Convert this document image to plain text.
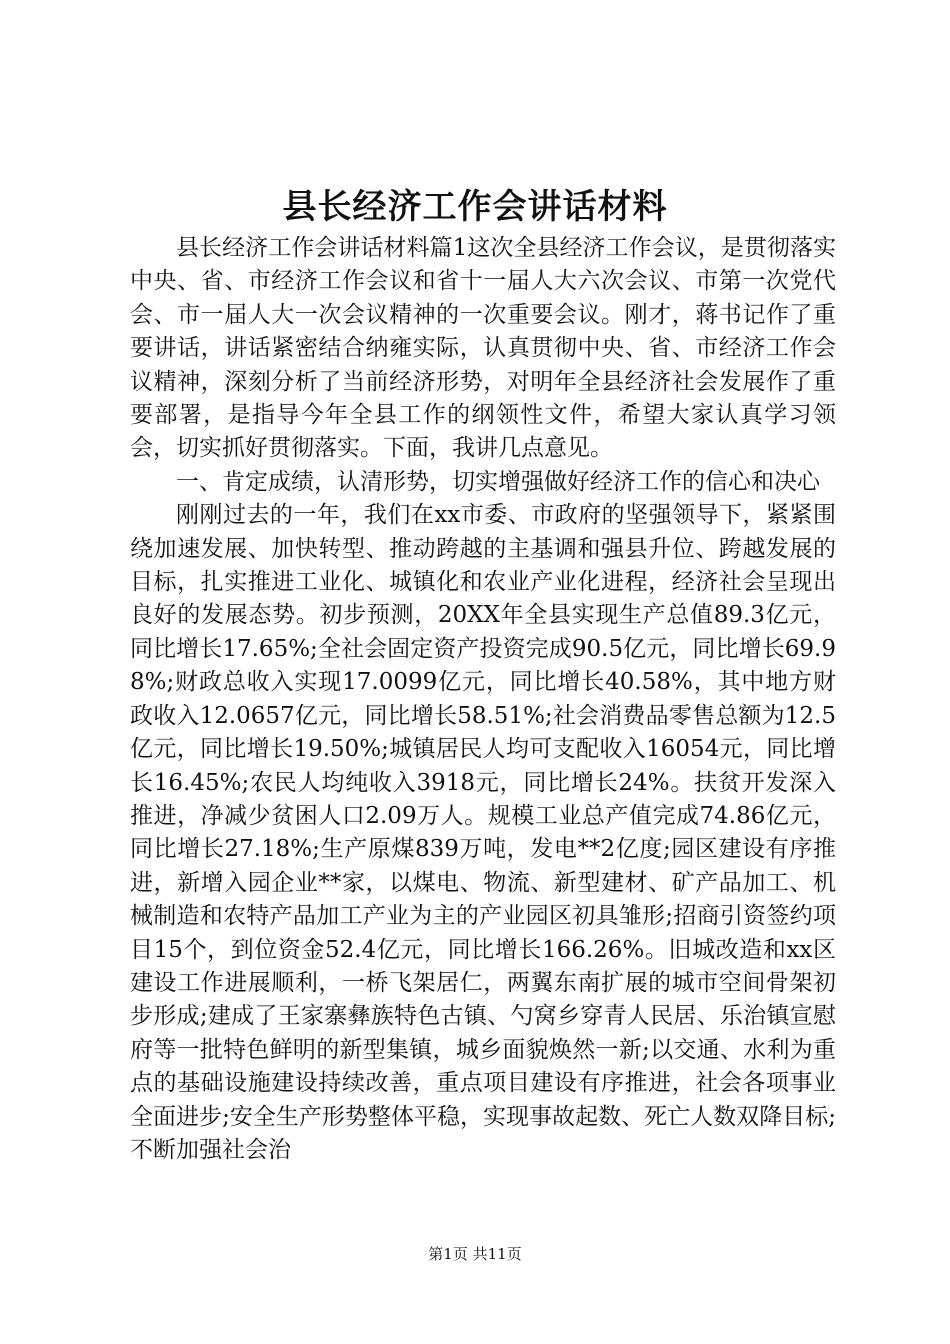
县长经济工作会讲话材料

县长经济工作会讲话材料篇1这次全县经济工作会议，是贯彻落实中央、省、市经济工作会议和省十一届人大六次会议、市第一次党代会、市一届人大一次会议精神的一次重要会议。刚才，蒋书记作了重要讲话，讲话紧密结合纳雍实际，认真贯彻中央、省、市经济工作会议精神，深刻分析了当前经济形势，对明年全县经济社会发展作了重要部署，是指导今年全县工作的纲领性文件，希望大家认真学习领会，切实抓好贯彻落实。下面，我讲几点意见。

一、肯定成绩，认清形势，切实增强做好经济工作的信心和决心

刚刚过去的一年，我们在xx市委、市政府的坚强领导下，紧紧围绕加速发展、加快转型、推动跨越的主基调和强县升位、跨越发展的目标，扎实推进工业化、城镇化和农业产业化进程，经济社会呈现出良好的发展态势。初步预测，20XX年全县实现生产总值89.3亿元，同比增长17.65%;全社会固定资产投资完成90.5亿元，同比增长69.98%;财政总收入实现17.0099亿元，同比增长40.58%，其中地方财政收入12.0657亿元，同比增长58.51%;社会消费品零售总额为12.5亿元，同比增长19.50%;城镇居民人均可支配收入16054元，同比增长16.45%;农民人均纯收入3918元，同比增长24%。扶贫开发深入推进，净减少贫困人口2.09万人。规模工业总产值完成74.86亿元，同比增长27.18%;生产原煤839万吨，发电**2亿度;园区建设有序推进，新增入园企业**家，以煤电、物流、新型建材、矿产品加工、机械制造和农特产品加工产业为主的产业园区初具雏形;招商引资签约项目15个，到位资金52.4亿元，同比增长166.26%。旧城改造和xx区建设工作进展顺利，一桥飞架居仁，两翼东南扩展的城市空间骨架初步形成;建成了王家寨彝族特色古镇、勺窝乡穿青人民居、乐治镇宣慰府等一批特色鲜明的新型集镇，城乡面貌焕然一新;以交通、水利为重点的基础设施建设持续改善，重点项目建设有序推进，社会各项事业全面进步;安全生产形势整体平稳，实现事故起数、死亡人数双降目标;不断加强社会治

第1页 共11页
